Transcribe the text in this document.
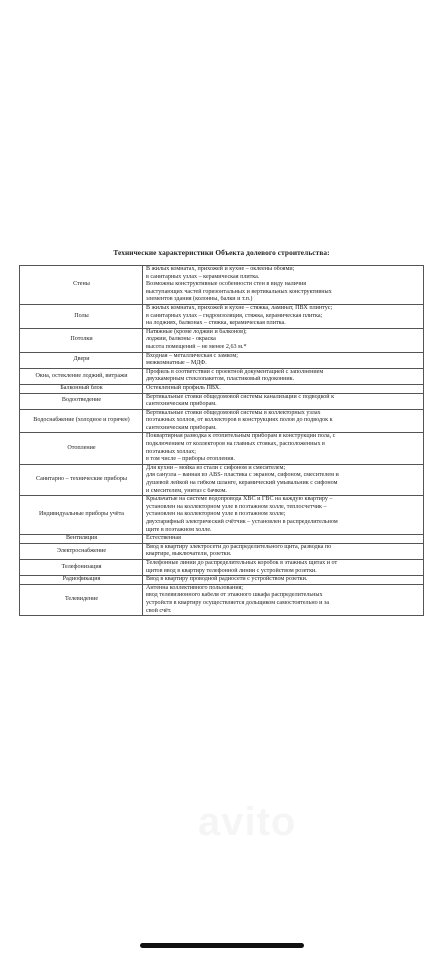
Технические характеристики Объекта долевого строительства:
Стены	В жилых комнатах, прихожей и кухне – оклеены обоями;
в санитарных узлах – керамическая плитка.
Возможны конструктивные особенности стен в виду наличия
выступающих частей горизонтальных и вертикальных конструктивных
элементов здания (колонны, балки и т.п.)

Полы	В жилых комнатах, прихожей и кухне – стяжка, ламинат, ПВХ плинтус;
в санитарных узлах – гидроизоляция, стяжка, керамическая плитка;
на лоджиях, балконах – стяжка, керамическая плитка.

Потолки	Натяжные (кроме лоджии и балконов);
лоджии, балконы - окраска
высота помещений – не менее 2,63 м.*

Двери	Входная – металлическая с замком;
межкомнатные – МДФ.

Окна, остекление лоджий, витражи	Профиль в соответствии с проектной документацией с заполнением
двухкамерным стеклопакетом, пластиковый подоконник.

Балконный блок	Остекленный профиль ПВХ.

Водоотведение	Вертикальные стояки общедомовой системы канализации с подводкой к
сантехническим приборам.

Водоснабжение (холодное и горячее)	Вертикальные стояки общедомовой системы в коллекторных узлах
поэтажных холлов, от коллекторов в конструкциях полов до подводок к
сантехническим приборам.

Отопление	Поквартирная разводка к отопительным приборам в конструкции пола, с
подключением от коллекторов на главных стояках, расположенных в
поэтажных холлах;
в том числе – приборы отопления.

Санитарно – технические приборы	Для кухни – мойка из стали с сифоном и смесителем;
для санузла – ванная из ABS- пластика с экраном, сифоном, смесителем и
душевой лейкой на гибком шланге, керамический умывальник с сифоном
и смесителем, унитаз с бачком.

Индивидуальные приборы учёта	Крыльчатые на системе водопровода ХВС и ГВС на каждую квартиру –
установлен на коллекторном узле в поэтажном холле, теплосчетчик –
установлен на коллекторном узле в поэтажном холле;
двухтарифный электрический счётчик – установлен в распределительном
щите в поэтажном холле.

Вентиляция	Естественная

Электроснабжение	Ввод в квартиру электросети до распределительного щита, разводка по
квартире, выключатели, розетки.

Телефонизация	Телефонные линии до распределительных коробок в этажных щитах и от
щитов ввод в квартиру телефонной линии с устройством розетки.

Радиофикация	Ввод в квартиру проводной радиосети с устройством розетки.

Телевидение	Антенна коллективного пользования;
ввод телевизионного кабеля от этажного шкафа распределительных
устройств в квартиру осуществляется дольщиком самостоятельно и за
свой счёт.
